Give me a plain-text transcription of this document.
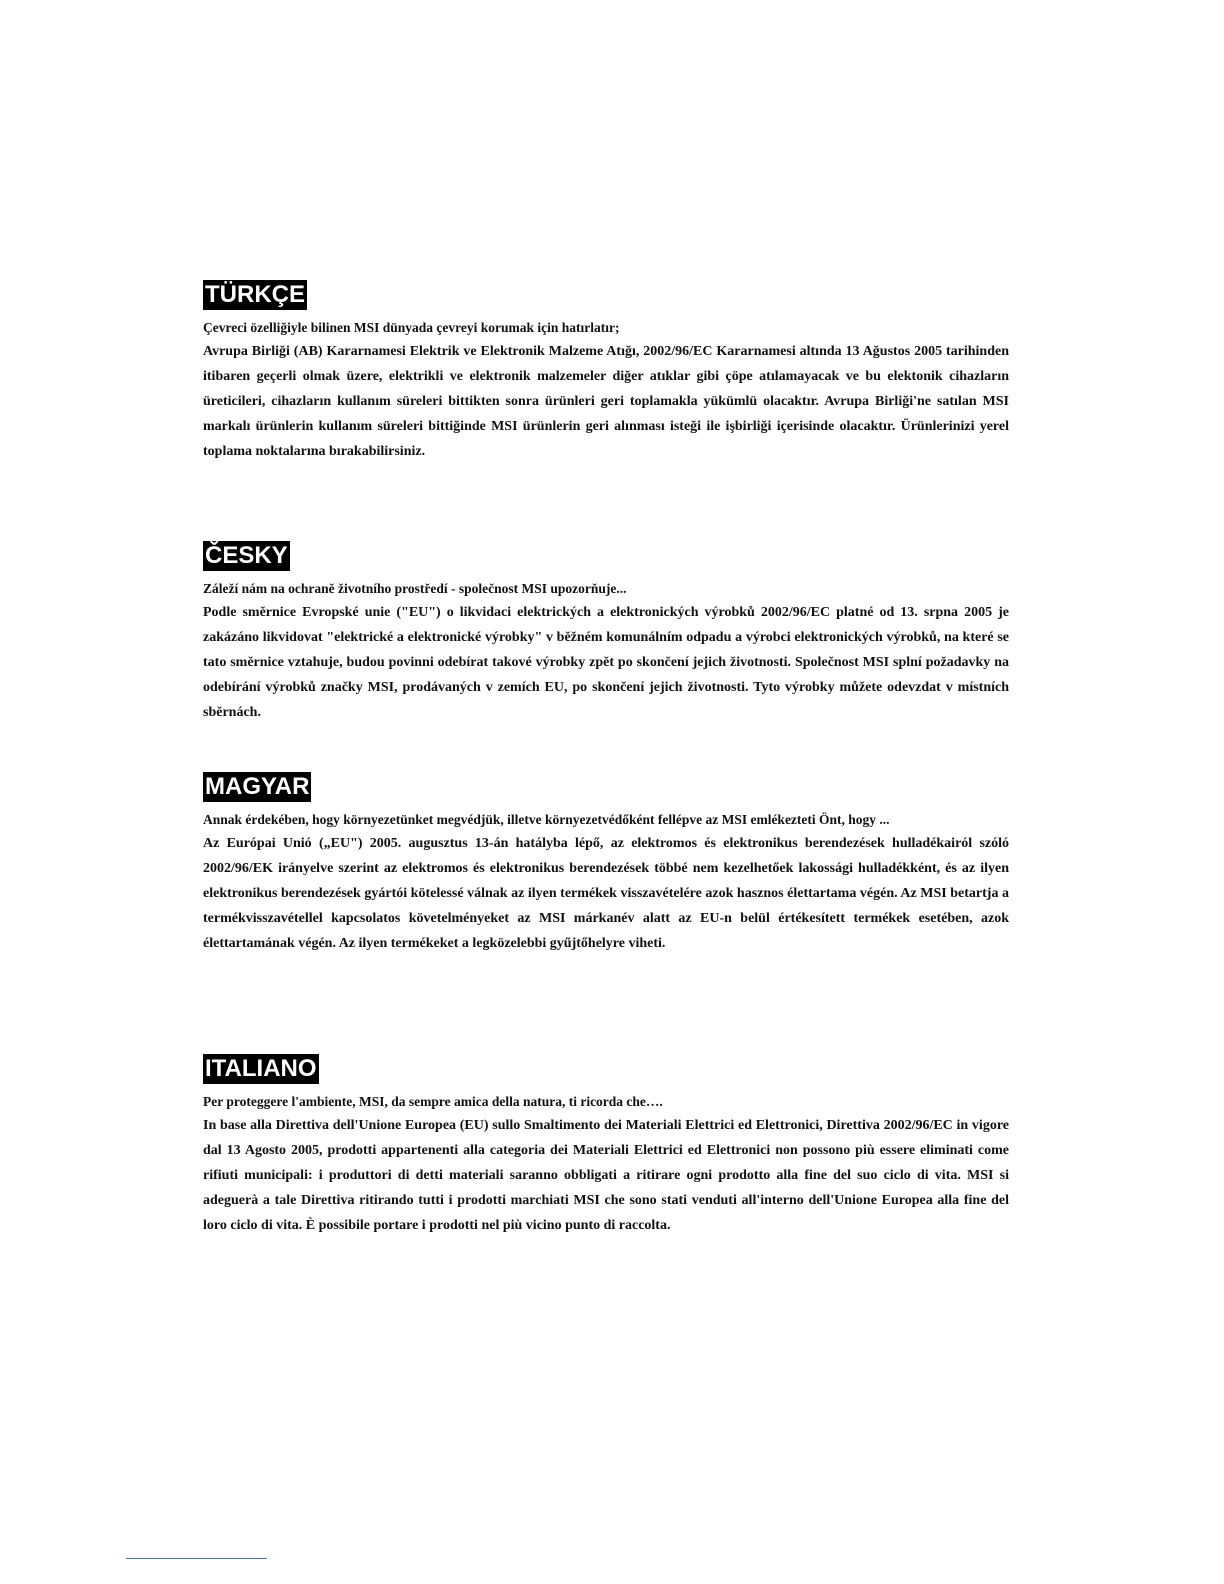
TÜRKÇE

Çevreci özelliğiyle bilinen MSI dünyada çevreyi korumak için hatırlatır;

Avrupa Birliği (AB) Kararnamesi Elektrik ve Elektronik Malzeme Atığı, 2002/96/EC Kararnamesi altında 13 Ağustos 2005 tarihinden itibaren geçerli olmak üzere, elektrikli ve elektronik malzemeler diğer atıklar gibi çöpe atılamayacak ve bu elektonik cihazların üreticileri, cihazların kullanım süreleri bittikten sonra ürünleri geri toplamakla yükümlü olacaktır. Avrupa Birliği'ne satılan MSI markalı ürünlerin kullanım süreleri bittiğinde MSI ürünlerin geri alınması isteği ile işbirliği içerisinde olacaktır. Ürünlerinizi yerel toplama noktalarına bırakabilirsiniz.

ČESKY

Záleží nám na ochraně životního prostředí - společnost MSI upozorňuje...

Podle směrnice Evropské unie ("EU") o likvidaci elektrických a elektronických výrobků 2002/96/EC platné od 13. srpna 2005 je zakázáno likvidovat "elektrické a elektronické výrobky" v běžném komunálním odpadu a výrobci elektronických výrobků, na které se tato směrnice vztahuje, budou povinni odebírat takové výrobky zpět po skončení jejich životnosti. Společnost MSI splní požadavky na odebírání výrobků značky MSI, prodávaných v zemích EU, po skončení jejich životnosti. Tyto výrobky můžete odevzdat v místních sběrnách.

MAGYAR

Annak érdekében, hogy környezetünket megvédjük, illetve környezetvédőként fellépve az MSI emlékezteti Önt, hogy ...

Az Európai Unió („EU") 2005. augusztus 13-án hatályba lépő, az elektromos és elektronikus berendezések hulladékairól szóló 2002/96/EK irányelve szerint az elektromos és elektronikus berendezések többé nem kezelhetőek lakossági hulladékként, és az ilyen elektronikus berendezések gyártói kötelessé válnak az ilyen termékek visszavételére azok hasznos élettartama végén. Az MSI betartja a termékvisszavétellel kapcsolatos követelményeket az MSI márkanév alatt az EU-n belül értékesített termékek esetében, azok élettartamának végén. Az ilyen termékeket a legközelebbi gyűjtőhelyre viheti.

ITALIANO

Per proteggere l'ambiente, MSI, da sempre amica della natura, ti ricorda che….

In base alla Direttiva dell'Unione Europea (EU) sullo Smaltimento dei Materiali Elettrici ed Elettronici, Direttiva 2002/96/EC in vigore dal 13 Agosto 2005, prodotti appartenenti alla categoria dei Materiali Elettrici ed Elettronici non possono più essere eliminati come rifiuti municipali: i produttori di detti materiali saranno obbligati a ritirare ogni prodotto alla fine del suo ciclo di vita. MSI si adeguerà a tale Direttiva ritirando tutti i prodotti marchiati MSI che sono stati venduti all'interno dell'Unione Europea alla fine del loro ciclo di vita. È possibile portare i prodotti nel più vicino punto di raccolta.
